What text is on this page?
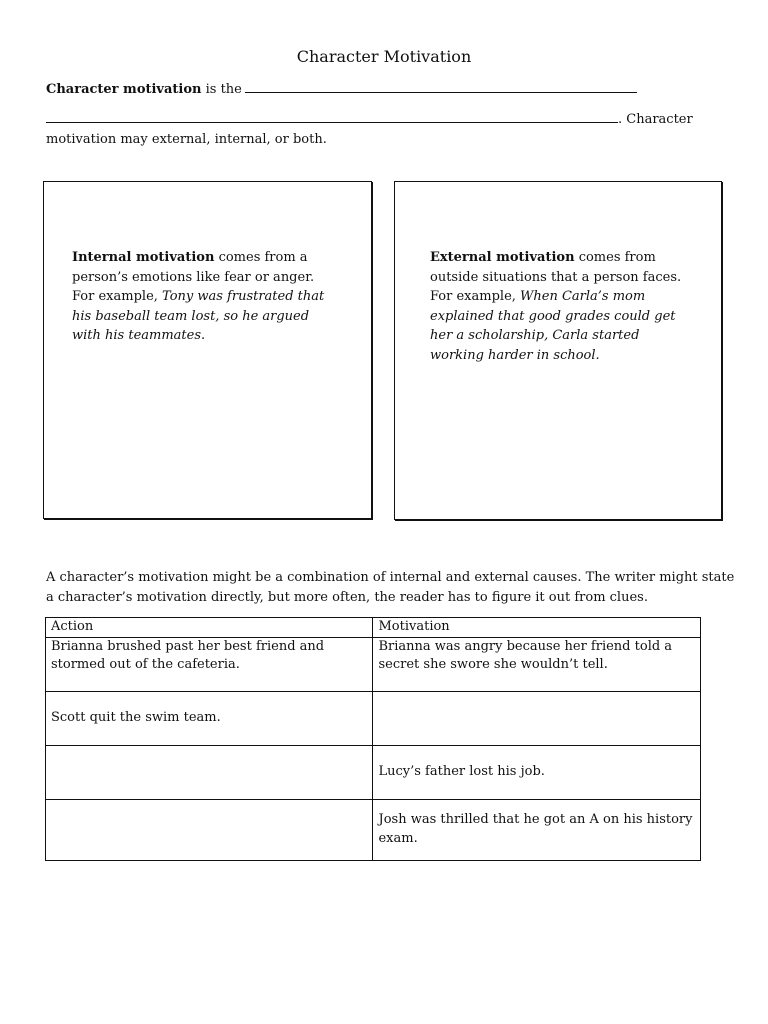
Character Motivation
Character motivation is the
. Character motivation may external, internal, or both.
Internal motivation comes from a person’s emotions like fear or anger. For example, Tony was frustrated that his baseball team lost, so he argued with his teammates.
External motivation comes from outside situations that a person faces. For example, When Carla’s mom explained that good grades could get her a scholarship, Carla started working harder in school.
A character’s motivation might be a combination of internal and external causes. The writer might state a character’s motivation directly, but more often, the reader has to figure it out from clues.
Action	Motivation
Brianna brushed past her best friend and stormed out of the cafeteria.	Brianna was angry because her friend told a secret she swore she wouldn’t tell.
Scott quit the swim team.	
	Lucy’s father lost his job.
	Josh was thrilled that he got an A on his history exam.
